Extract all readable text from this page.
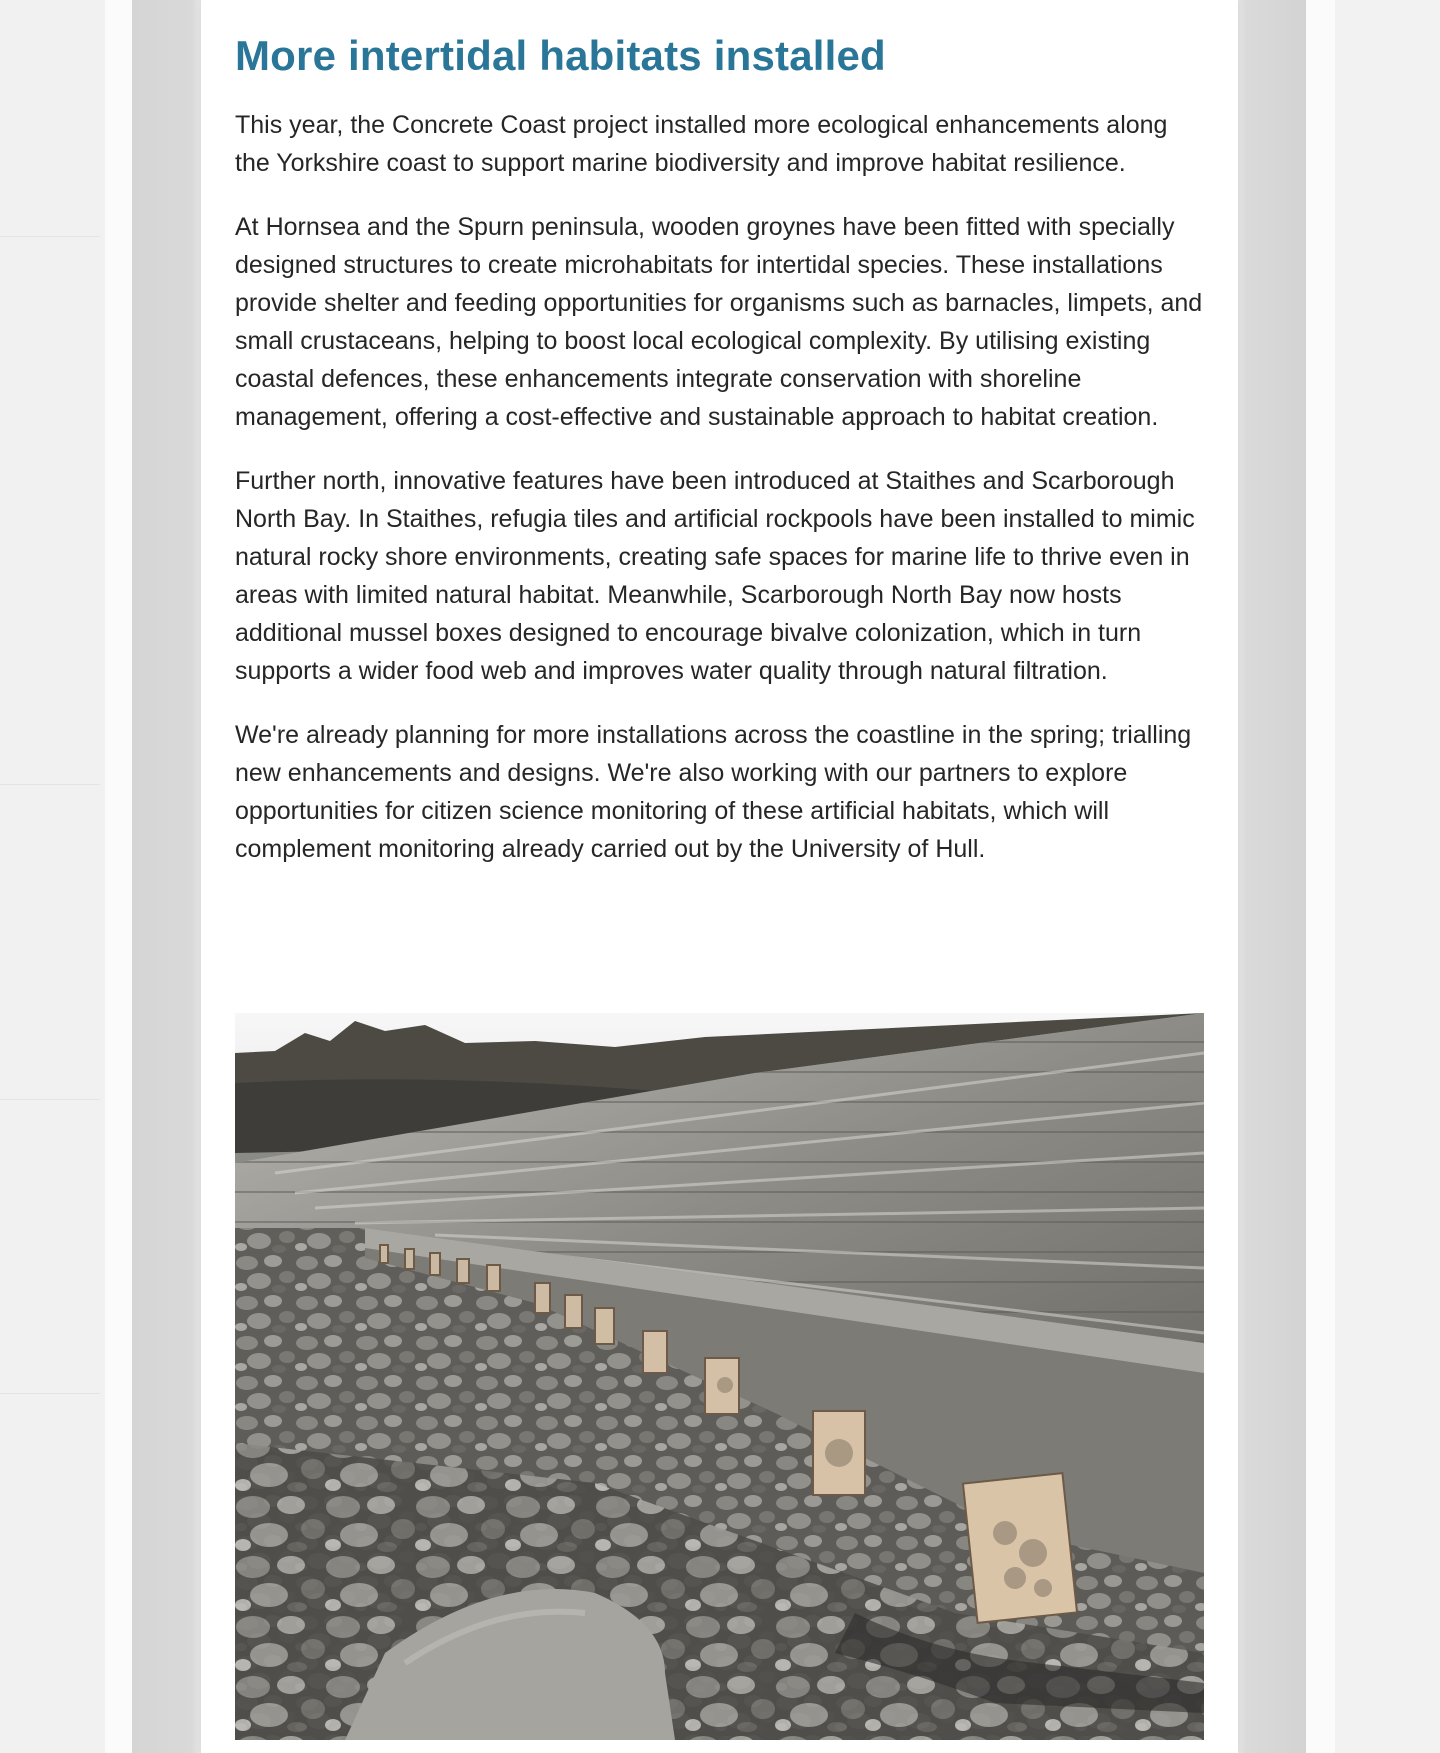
More intertidal habitats installed

This year, the Concrete Coast project installed more ecological enhancements along the Yorkshire coast to support marine biodiversity and improve habitat resilience.

At Hornsea and the Spurn peninsula, wooden groynes have been fitted with specially designed structures to create microhabitats for intertidal species. These installations provide shelter and feeding opportunities for organisms such as barnacles, limpets, and small crustaceans, helping to boost local ecological complexity. By utilising existing coastal defences, these enhancements integrate conservation with shoreline management, offering a cost-effective and sustainable approach to habitat creation.

Further north, innovative features have been introduced at Staithes and Scarborough North Bay. In Staithes, refugia tiles and artificial rockpools have been installed to mimic natural rocky shore environments, creating safe spaces for marine life to thrive even in areas with limited natural habitat. Meanwhile, Scarborough North Bay now hosts additional mussel boxes designed to encourage bivalve colonization, which in turn supports a wider food web and improves water quality through natural filtration.

We're already planning for more installations across the coastline in the spring; trialling new enhancements and designs. We're also working with our partners to explore opportunities for citizen science monitoring of these artificial habitats, which will complement monitoring already carried out by the University of Hull.
